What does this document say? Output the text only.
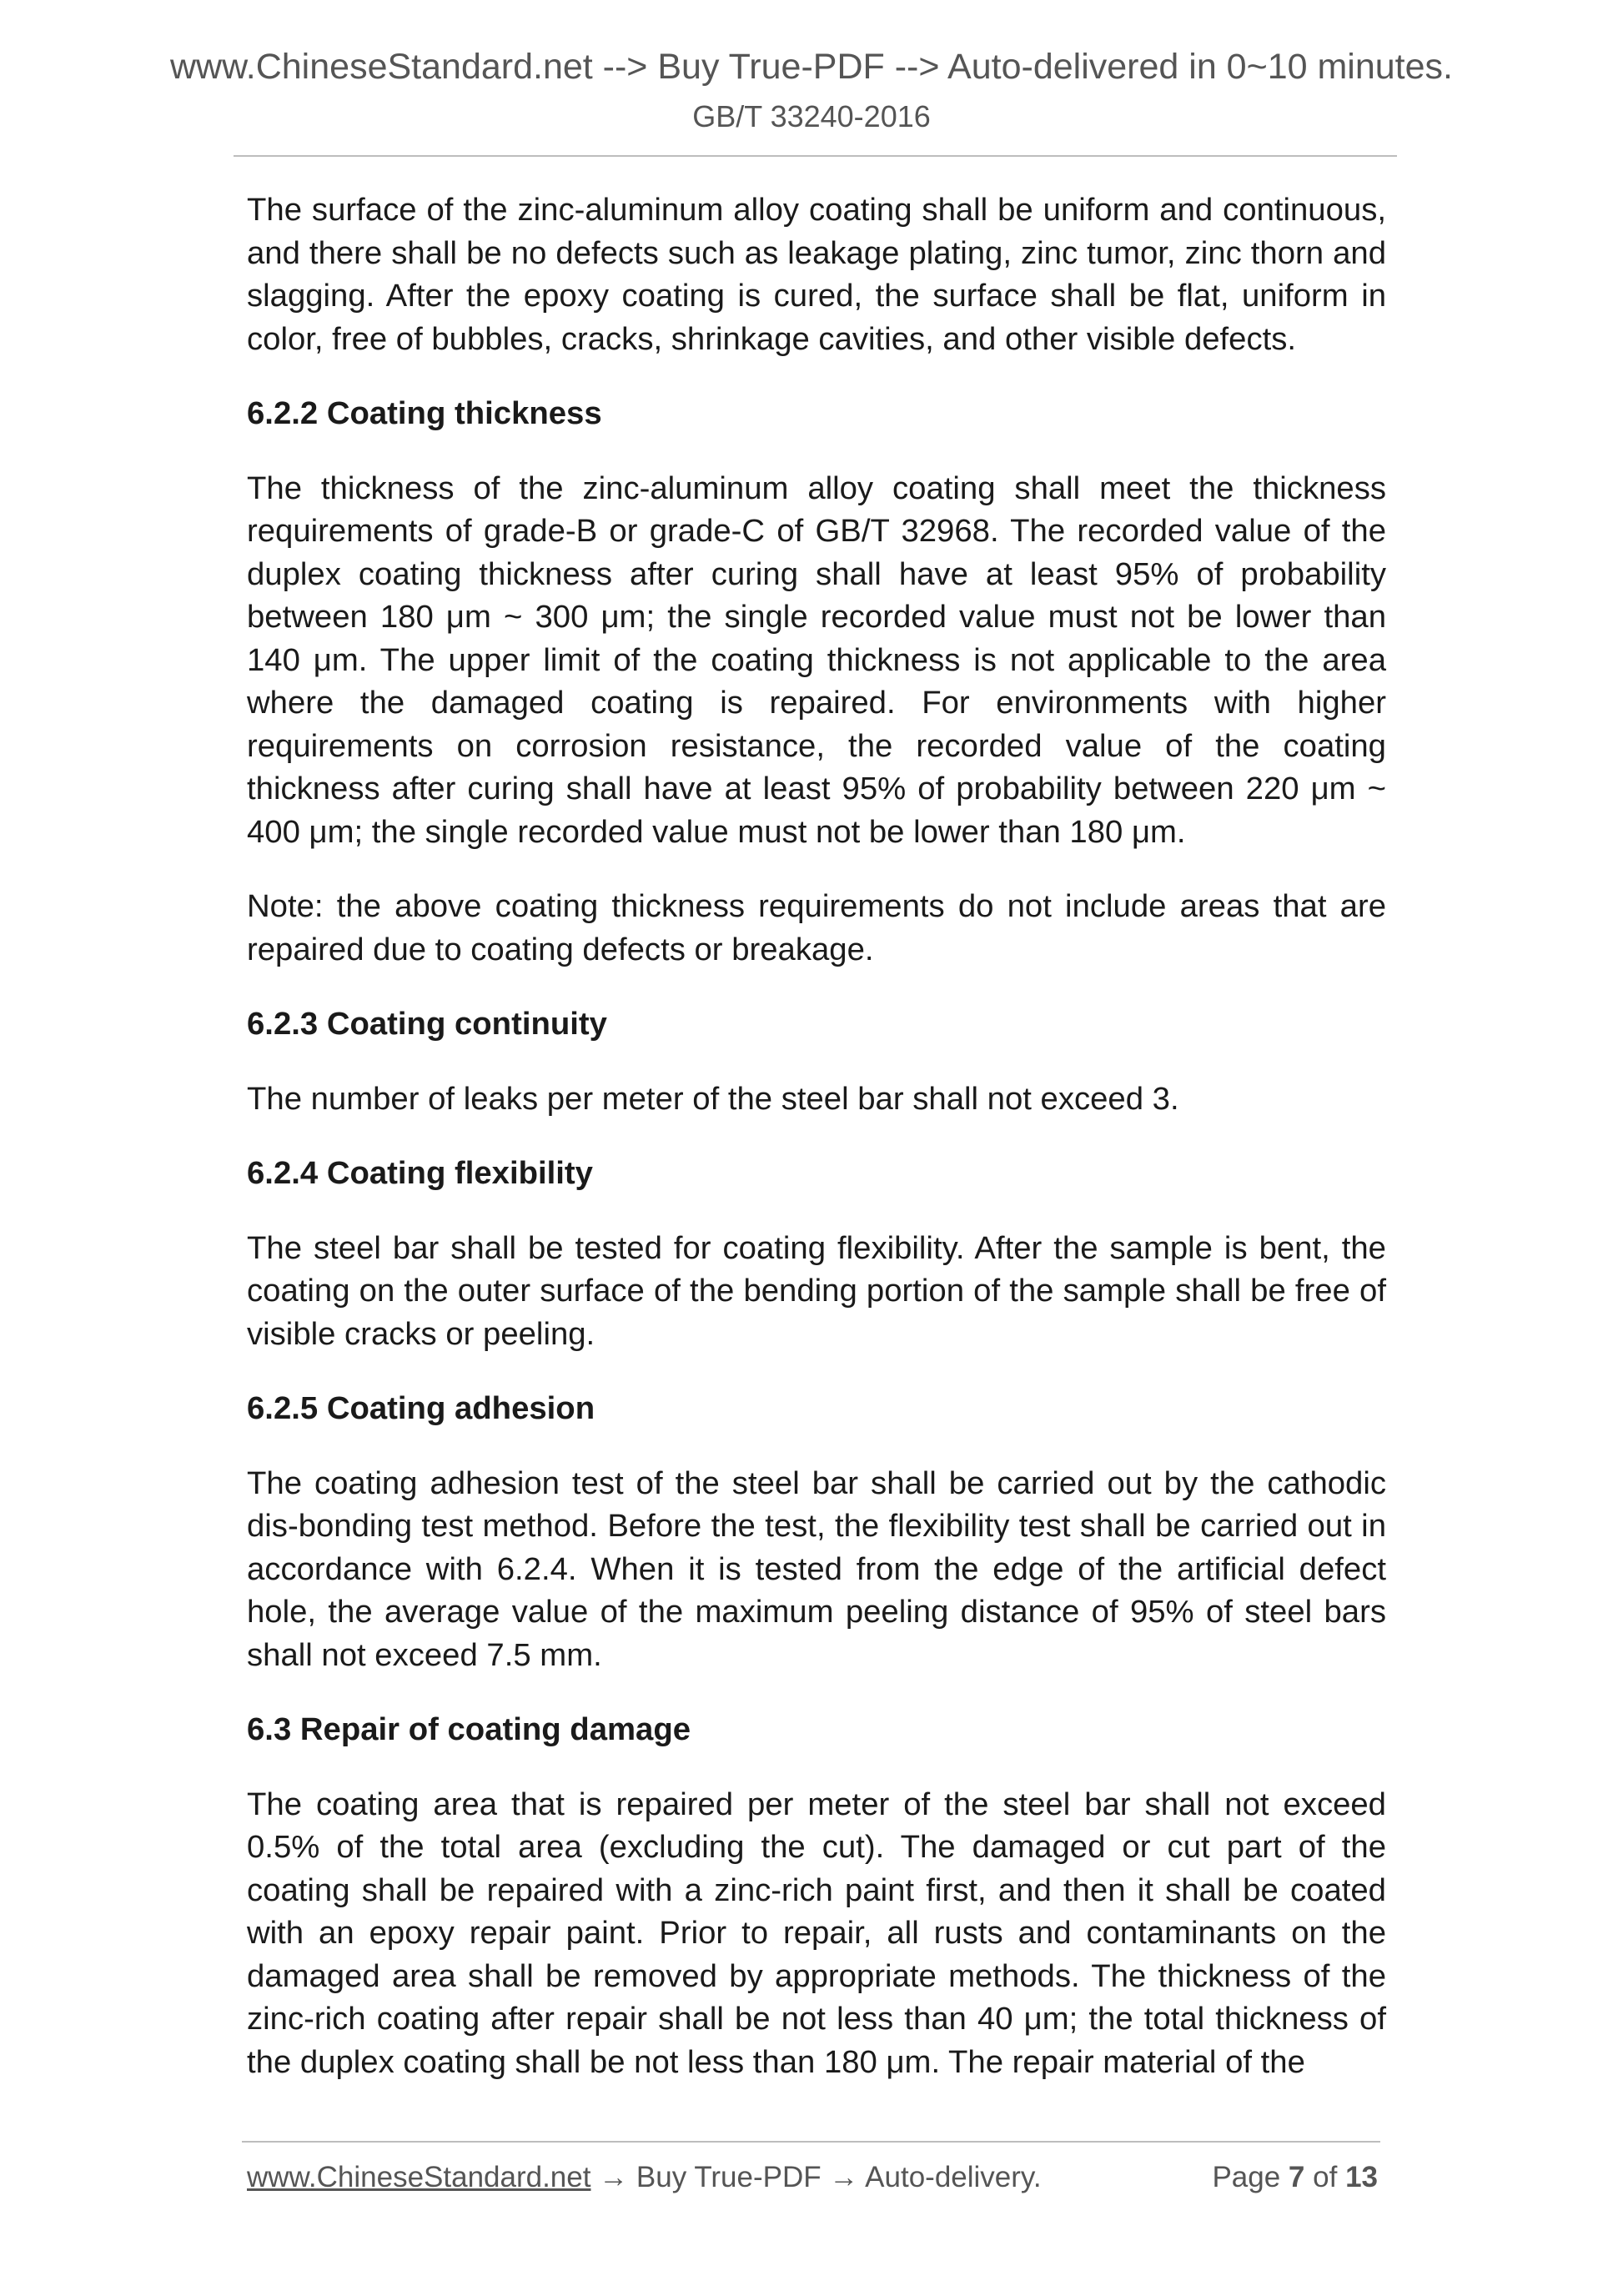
www.ChineseStandard.net --> Buy True-PDF --> Auto-delivered in 0~10 minutes.
GB/T 33240-2016

The surface of the zinc-aluminum alloy coating shall be uniform and continuous, and there shall be no defects such as leakage plating, zinc tumor, zinc thorn and slagging. After the epoxy coating is cured, the surface shall be flat, uniform in color, free of bubbles, cracks, shrinkage cavities, and other visible defects.

6.2.2 Coating thickness

The thickness of the zinc-aluminum alloy coating shall meet the thickness requirements of grade-B or grade-C of GB/T 32968. The recorded value of the duplex coating thickness after curing shall have at least 95% of probability between 180 μm ~ 300 μm; the single recorded value must not be lower than 140 μm. The upper limit of the coating thickness is not applicable to the area where the damaged coating is repaired. For environments with higher requirements on corrosion resistance, the recorded value of the coating thickness after curing shall have at least 95% of probability between 220 μm ~ 400 μm; the single recorded value must not be lower than 180 μm.

Note: the above coating thickness requirements do not include areas that are repaired due to coating defects or breakage.

6.2.3 Coating continuity

The number of leaks per meter of the steel bar shall not exceed 3.

6.2.4 Coating flexibility

The steel bar shall be tested for coating flexibility. After the sample is bent, the coating on the outer surface of the bending portion of the sample shall be free of visible cracks or peeling.

6.2.5 Coating adhesion

The coating adhesion test of the steel bar shall be carried out by the cathodic dis-bonding test method. Before the test, the flexibility test shall be carried out in accordance with 6.2.4. When it is tested from the edge of the artificial defect hole, the average value of the maximum peeling distance of 95% of steel bars shall not exceed 7.5 mm.

6.3 Repair of coating damage

The coating area that is repaired per meter of the steel bar shall not exceed 0.5% of the total area (excluding the cut). The damaged or cut part of the coating shall be repaired with a zinc-rich paint first, and then it shall be coated with an epoxy repair paint. Prior to repair, all rusts and contaminants on the damaged area shall be removed by appropriate methods. The thickness of the zinc-rich coating after repair shall be not less than 40 μm; the total thickness of the duplex coating shall be not less than 180 μm. The repair material of the

www.ChineseStandard.net → Buy True-PDF → Auto-delivery.	Page 7 of 13
